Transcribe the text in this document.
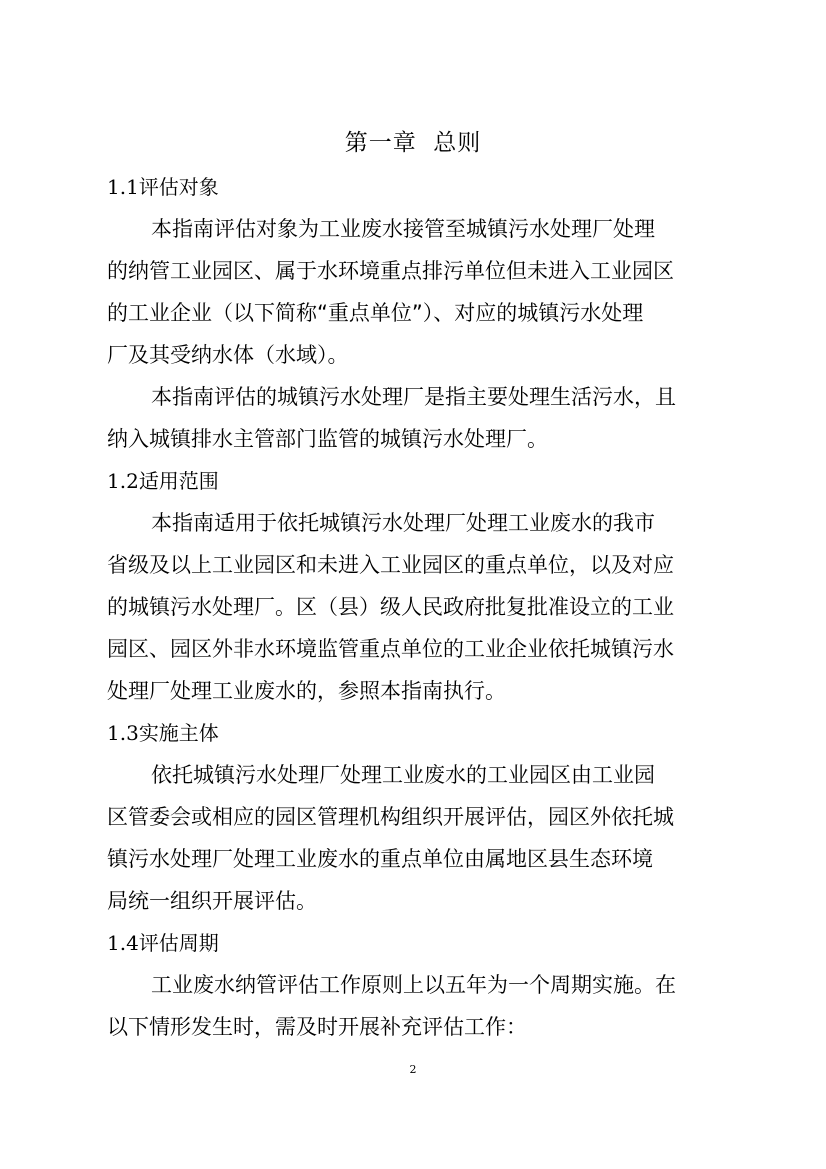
第一章  总则
1.1评估对象

本指南评估对象为工业废水接管至城镇污水处理厂处理
的纳管工业园区、属于水环境重点排污单位但未进入工业园区
的工业企业（以下简称“重点单位”）、对应的城镇污水处理
厂及其受纳水体（水域）。

本指南评估的城镇污水处理厂是指主要处理生活污水，且
纳入城镇排水主管部门监管的城镇污水处理厂。

1.2适用范围

本指南适用于依托城镇污水处理厂处理工业废水的我市
省级及以上工业园区和未进入工业园区的重点单位，以及对应
的城镇污水处理厂。区（县）级人民政府批复批准设立的工业
园区、园区外非水环境监管重点单位的工业企业依托城镇污水
处理厂处理工业废水的，参照本指南执行。

1.3实施主体

依托城镇污水处理厂处理工业废水的工业园区由工业园
区管委会或相应的园区管理机构组织开展评估，园区外依托城
镇污水处理厂处理工业废水的重点单位由属地区县生态环境
局统一组织开展评估。

1.4评估周期

工业废水纳管评估工作原则上以五年为一个周期实施。在
以下情形发生时，需及时开展补充评估工作：

2
